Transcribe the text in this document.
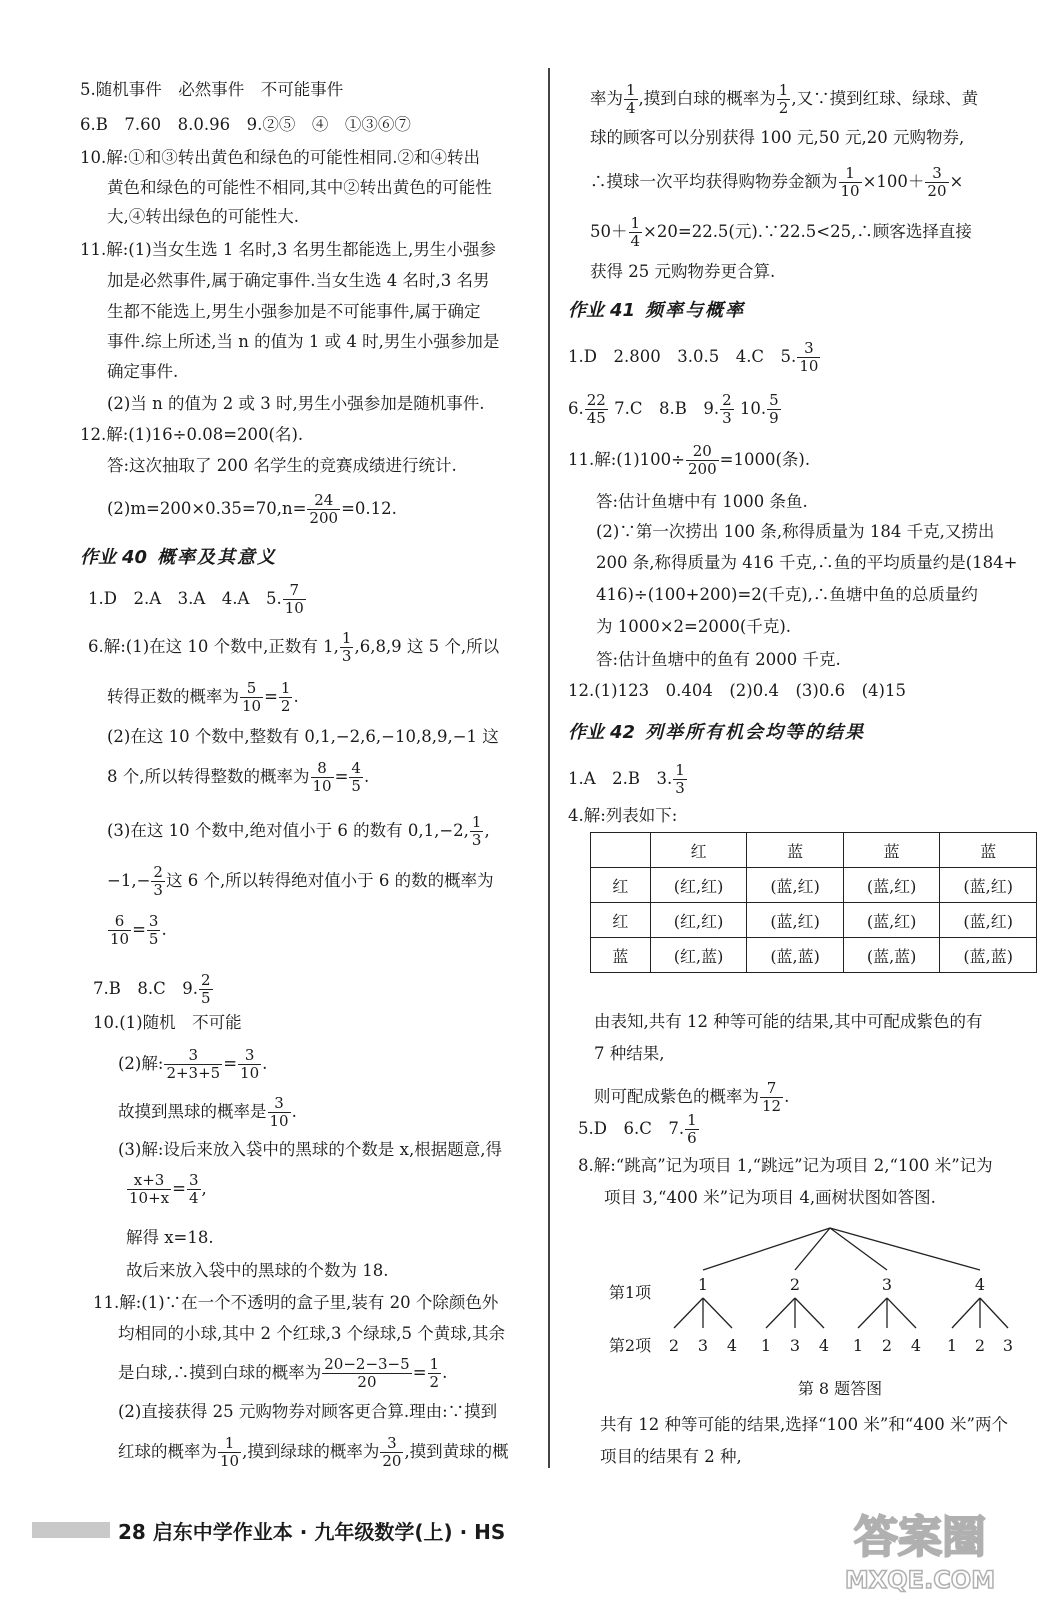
5.随机事件　必然事件　不可能事件
6.B　7.60　8.0.96　9.②⑤　④　①③⑥⑦
10.解:①和③转出黄色和绿色的可能性相同.②和④转出
黄色和绿色的可能性不相同,其中②转出黄色的可能性
大,④转出绿色的可能性大.
11.解:(1)当女生选 1 名时,3 名男生都能选上,男生小强参
加是必然事件,属于确定事件.当女生选 4 名时,3 名男
生都不能选上,男生小强参加是不可能事件,属于确定
事件.综上所述,当 n 的值为 1 或 4 时,男生小强参加是
确定事件.
(2)当 n 的值为 2 或 3 时,男生小强参加是随机事件.
12.解:(1)16÷0.08=200(名).
答:这次抽取了 200 名学生的竞赛成绩进行统计.
$(2)m=200\times 0.35=70,n= \frac{24}{200} =0.12$.
作业 40 概率及其意义
1.D　2.A　3.A　4.A　5. $\frac{7}{10}$
6.解:(1)在这 10 个数中,正数有 1, $\frac{1}{3} ,6,8,9$ 这 5 个,所以
转得正数的概率为 $\frac{5}{10} = \frac{1}{2}$ .
(2)在这 10 个数中,整数有 0,1,−2,6,−10,8,9,−1 这
8 个,所以转得整数的概率为 $\frac{8}{10} = \frac{4}{5}$ .
(3)在这 10 个数中,绝对值小于 6 的数有 0,1,−2, $\frac{1}{3}$ ,
$-1,- \frac{2}{3}$ 这 6 个,所以转得绝对值小于 6 的数的概率为
$\frac{6}{10} = \frac{3}{5}$ .
7.B　8.C　9. $\frac{2}{5}$
10.(1)随机　不可能
(2)解: $\frac{3}{2+3+5} = \frac{3}{10}$ .
故摸到黑球的概率是 $\frac{3}{10}$ .
(3)解:设后来放入袋中的黑球的个数是 x,根据题意,得
$\frac{x+3}{10+x} = \frac{3}{4}$ ,
解得 x=18.
故后来放入袋中的黑球的个数为 18.
11.解:(1)∵在一个不透明的盒子里,装有 20 个除颜色外
均相同的小球,其中 2 个红球,3 个绿球,5 个黄球,其余
是白球,∴摸到白球的概率为 $\frac{20-2-3-5}{20} = \frac{1}{2}$ .
(2)直接获得 25 元购物券对顾客更合算.理由:∵摸到
红球的概率为 $\frac{1}{10}$ ,摸到绿球的概率为 $\frac{3}{20}$ ,摸到黄球的概
率为 $\frac{1}{4}$ ,摸到白球的概率为 $\frac{1}{2}$ ,又∵摸到红球、绿球、黄
球的顾客可以分别获得 100 元,50 元,20 元购物券,
∴摸球一次平均获得购物券金额为 $\frac{1}{10} \times 100+ \frac{3}{20}$ ×
$50+ \frac{1}{4} \times 20=22.5$(元).∵22.5<25,∴顾客选择直接
获得 25 元购物券更合算.
作业 41 频率与概率
1.D　2.800　3.0.5　4.C　5. $\frac{3}{10}$
6. $\frac{22}{45} 7.C$　8.B　9. $\frac{2}{3} 10$. $\frac{5}{9}$
11.解:(1)100÷ $\frac{20}{200} =1000$(条).
答:估计鱼塘中有 1000 条鱼.
(2)∵第一次捞出 100 条,称得质量为 184 千克,又捞出
200 条,称得质量为 416 千克,∴鱼的平均质量约是(184+
416)÷(100+200)=2(千克),∴鱼塘中鱼的总质量约
为 1000×2=2000(千克).
答:估计鱼塘中的鱼有 2000 千克.
12.(1)123　0.404　(2)0.4　(3)0.6　(4)15
作业 42 列举所有机会均等的结果
1.A　2.B　3. $\frac{1}{3}$
4.解:列表如下:
	红	蓝	蓝	蓝
红	(红,红)	(蓝,红)	(蓝,红)	(蓝,红)
红	(红,红)	(蓝,红)	(蓝,红)	(蓝,红)
蓝	(红,蓝)	(蓝,蓝)	(蓝,蓝)	(蓝,蓝)
由表知,共有 12 种等可能的结果,其中可配成紫色的有
7 种结果,
则可配成紫色的概率为 $\frac{7}{12}$ .
5.D　6.C　7. $\frac{1}{6}$
8.解:“跳高”记为项目 1,“跳远”记为项目 2,“100 米”记为
项目 3,“400 米”记为项目 4,画树状图如答图.
第1项
第2项
1	2	3	4
2 3 4 1 3 4 1 2 4 1 2 3
第 8 题答图
共有 12 种等可能的结果,选择“100 米”和“400 米”两个
项目的结果有 2 种,
28 启东中学作业本 · 九年级数学(上) · HS	答案圈
MXQE.COM
